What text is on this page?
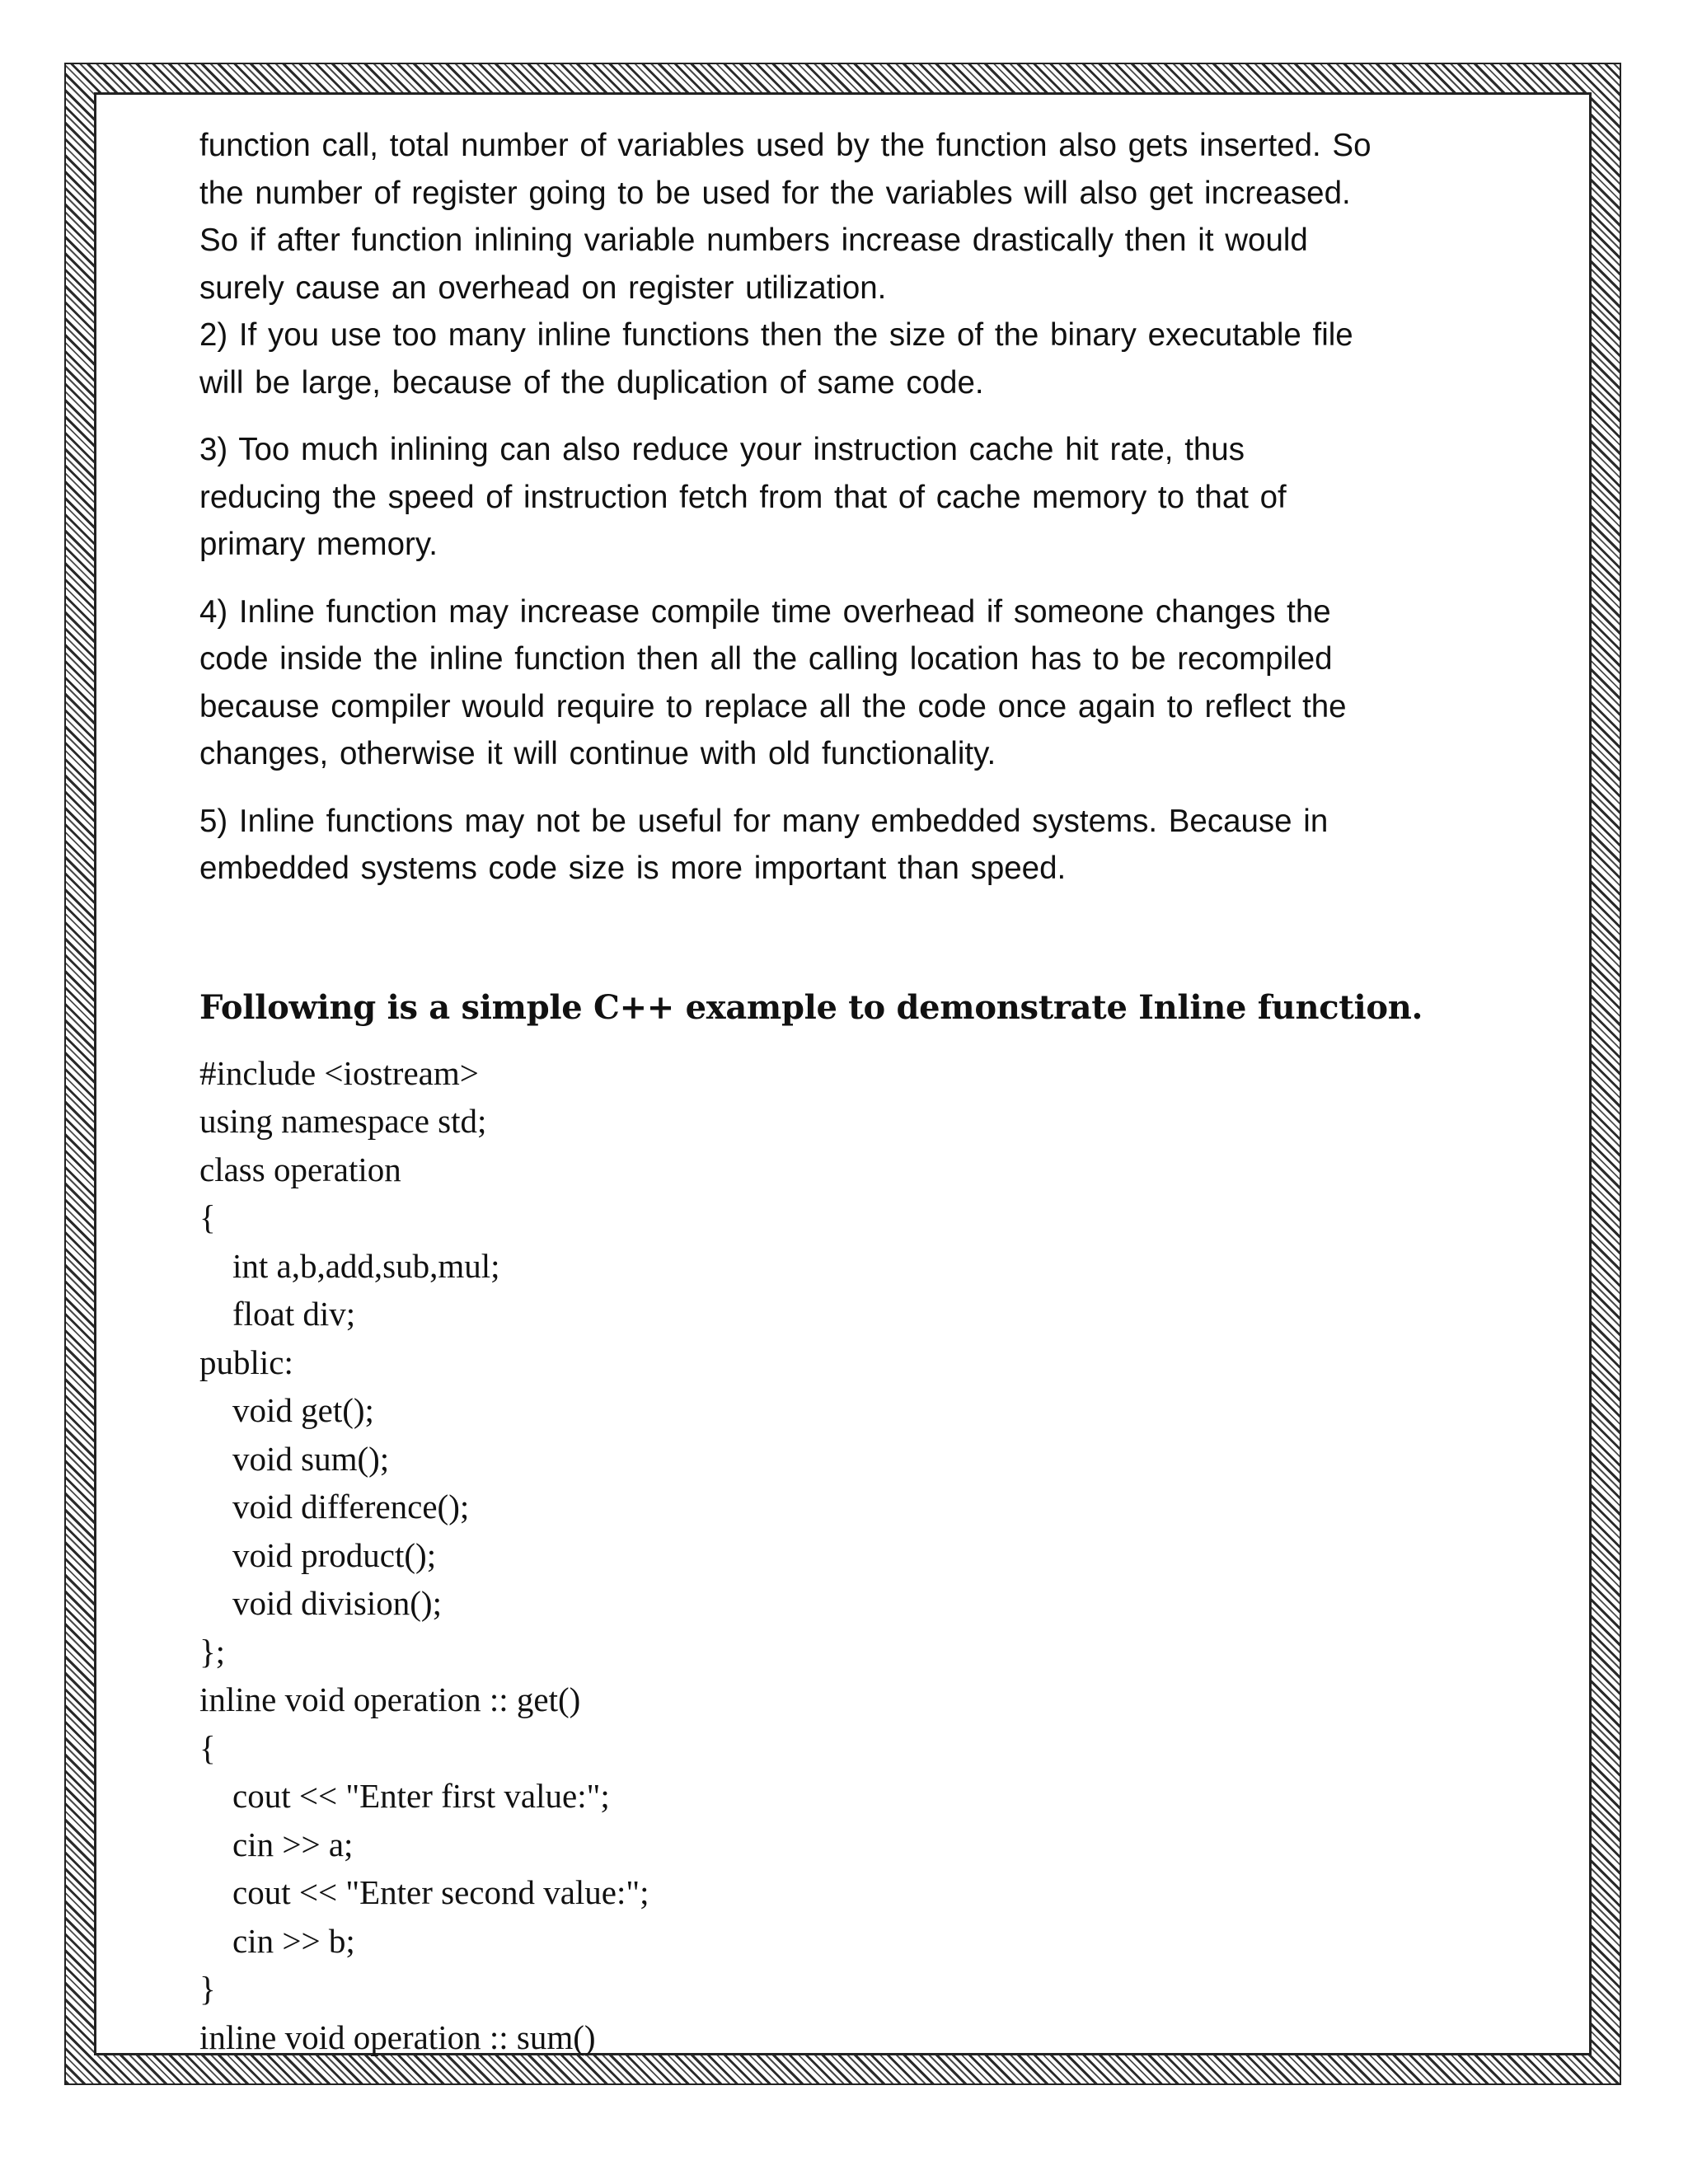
function call, total number of variables used by the function also gets inserted. So
the number of register going to be used for the variables will also get increased.
So if after function inlining variable numbers increase drastically then it would
surely cause an overhead on register utilization.
2) If you use too many inline functions then the size of the binary executable file
will be large, because of the duplication of same code.
3) Too much inlining can also reduce your instruction cache hit rate, thus
reducing the speed of instruction fetch from that of cache memory to that of
primary memory.
4) Inline function may increase compile time overhead if someone changes the
code inside the inline function then all the calling location has to be recompiled
because compiler would require to replace all the code once again to reflect the
changes, otherwise it will continue with old functionality.
5) Inline functions may not be useful for many embedded systems. Because in
embedded systems code size is more important than speed.
Following is a simple C++ example to demonstrate Inline function.
#include <iostream>
using namespace std;
class operation
{
int a,b,add,sub,mul;
float div;
public:
void get();
void sum();
void difference();
void product();
void division();
};
inline void operation :: get()
{
cout << "Enter first value:";
cin >> a;
cout << "Enter second value:";
cin >> b;
}
inline void operation :: sum()
